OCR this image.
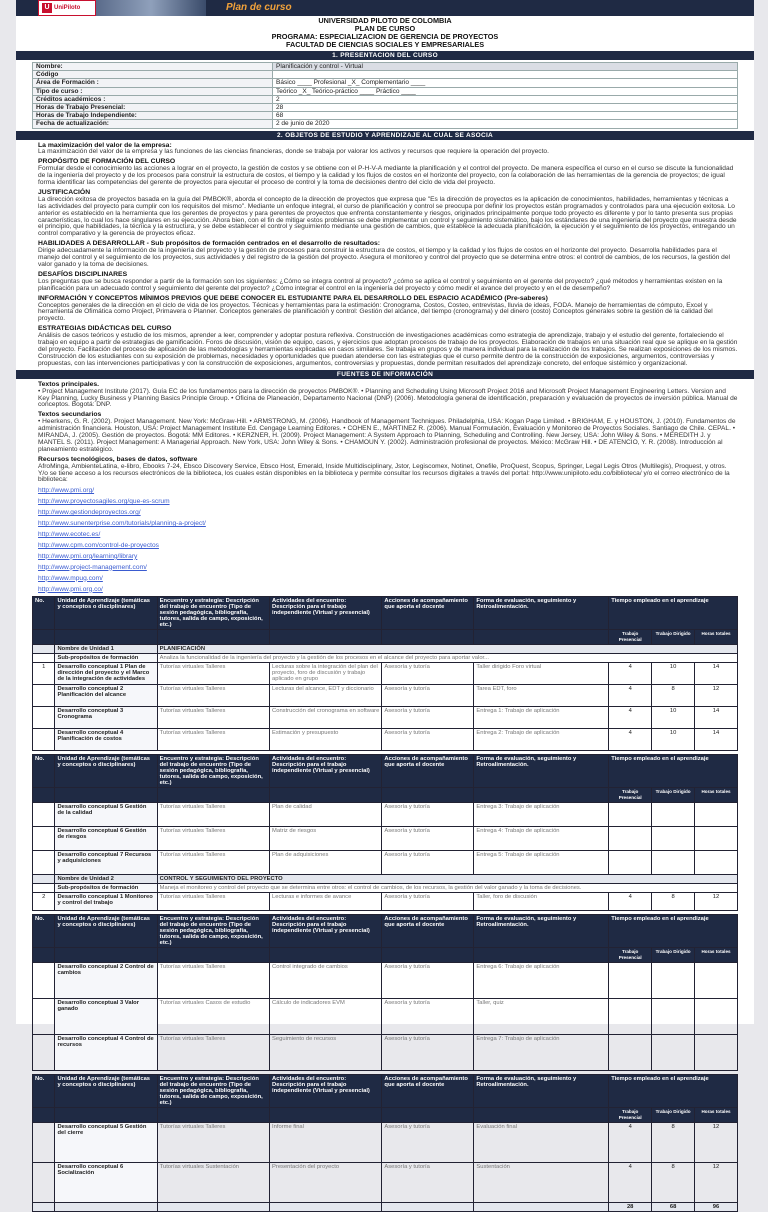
U UniPiloto	Plan de curso
UNIVERSIDAD PILOTO DE COLOMBIA
PLAN DE CURSO
PROGRAMA: ESPECIALIZACION DE GERENCIA DE PROYECTOS
FACULTAD DE CIENCIAS SOCIALES Y EMPRESARIALES
1. PRESENTACION DEL CURSO
Nombre:	Planificación y control - Virtual
Código	
Área de Formación :	Básico ____ Profesional _X_ Complementario ____
Tipo de curso :	Teórico _X_ Teórico-práctico ____ Práctico ____
Créditos académicos :	2
Horas de Trabajo Presencial:	28
Horas de Trabajo Independiente:	68
Fecha de actualización:	2 de junio de 2020
2. OBJETOS DE ESTUDIO Y APRENDIZAJE AL CUAL SE ASOCIA
La maximización del valor de la empresa:

La maximización del valor de la empresa y las funciones de las ciencias financieras, donde se trabaja por valorar los activos y recursos que requiere la operación del proyecto.

PROPÓSITO DE FORMACIÓN DEL CURSO

Formular desde el conocimiento las acciones a lograr en el proyecto, la gestión de costos y se obtiene con el P-H-V-A mediante la planificación y el control del proyecto. De manera específica el curso en el curso se discute la funcionalidad de la ingeniería del proyecto y de los procesos para construir la estructura de costos, el tiempo y la calidad y los flujos de costos en el horizonte del proyecto, con la colaboración de las herramientas de la gerencia de proyectos; de igual forma identificar las competencias del gerente de proyectos para ejecutar el proceso de control y la toma de decisiones dentro del ciclo de vida del proyecto.

JUSTIFICACIÓN

La dirección exitosa de proyectos basada en la guía del PMBOK®, aborda el concepto de la dirección de proyectos que expresa que "Es la dirección de proyectos es la aplicación de conocimientos, habilidades, herramientas y técnicas a las actividades del proyecto para cumplir con los requisitos del mismo". Mediante un enfoque integral, el curso de planificación y control se preocupa por definir los proyectos están programados y controlados para una ejecución exitosa. Lo anterior es establecido en la herramienta que los gerentes de proyectos y para gerentes de proyectos que enfrenta constantemente y riesgos, originados principalmente porque todo proyecto es diferente y por lo tanto presenta sus propias características, lo cual los hace singulares en su ejecución. Ahora bien, con el fin de mitigar estos problemas se debe implementar un control y seguimiento sistemático, bajo los estándares de una ingeniería del proyecto que muestra desde el principio, que habilidades, la técnica y la estructura, y se debe establecer el control y seguimiento mediante una gestión de cambios, que establece la adecuada planificación, la ejecución y el seguimiento de los proyectos, entregando un control comparativo y la gerencia de proyectos eficaz.

HABILIDADES A DESARROLLAR - Sub propósitos de formación centrados en el desarrollo de resultados:

Dirige adecuadamente la información de la ingeniería del proyecto y la gestión de procesos para construir la estructura de costos, el tiempo y la calidad y los flujos de costos en el horizonte del proyecto. Desarrolla habilidades para el manejo del control y el seguimiento de los proyectos, sus actividades y del registro de la gestión del proyecto. Asegura el monitoreo y control del proyecto que se determina entre otros: el control de cambios, de los recursos, la gestión del valor ganado y la toma de decisiones.

DESAFÍOS DISCIPLINARES

Los preguntas que se busca responder a partir de la formación son los siguientes: ¿Cómo se integra control al proyecto? ¿cómo se aplica el control y seguimiento en el gerente del proyecto? ¿qué métodos y herramientas existen en la planificación para un adecuado control y seguimiento del gerente del proyecto? ¿Cómo integrar el control en la ingeniería del proyecto y cómo medir el avance del proyecto y en el de desempeño?

INFORMACIÓN Y CONCEPTOS MÍNIMOS PREVIOS QUE DEBE CONOCER EL ESTUDIANTE PARA EL DESARROLLO DEL ESPACIO ACADÉMICO (Pre-saberes)

Conceptos generales de la dirección en el ciclo de vida de los proyectos. Técnicas y herramientas para la estimación: Cronograma, Costos, Costeo, entrevistas, lluvia de ideas, FODA. Manejo de herramientas de cómputo, Excel y herramienta de Ofimática como Project, Primavera o Planner. Conceptos generales de planificación y control: Gestión del alcance, del tiempo (cronograma) y del dinero (costo) Conceptos generales sobre la gestión de la calidad del proyecto.

ESTRATEGIAS DIDÁCTICAS DEL CURSO

Análisis de casos teóricos y estudio de los mismos, aprender a leer, comprender y adoptar postura reflexiva. Construcción de investigaciones académicas como estrategia de aprendizaje, trabajo y el estudio del gerente, fortaleciendo el trabajo en equipo a partir de estrategias de gamificación. Foros de discusión, visión de equipo, casos, y ejercicios que adoptan procesos de trabajo de los proyectos. Elaboración de trabajos en una situación real que se aplique en la gestión del proyecto. Facilitación del proceso de aplicación de las metodologías y herramientas explicadas en casos similares. Se trabaja en grupos y de manera individual para la realización de los trabajos. Se realizan exposiciones de los mismos. Construcción de los estudiantes con su exposición de problemas, necesidades y oportunidades que puedan atenderse con las estrategias que el curso permite dentro de la construcción de exposiciones, argumentos, controversias y propuestas, con las intervenciones participativas y con la construcción de exposiciones, argumentos, controversias y propuestas, donde permitan resultados del aprendizaje concreto, del enfoque sistémico y organizacional.

FUENTES DE INFORMACIÓN
Textos principales.

• Project Management Institute (2017). Guía EC de los fundamentos para la dirección de proyectos PMBOK®. • Planning and Scheduling Using Microsoft Project 2016 and Microsoft Project Management Engineering Letters. Version and Key Planning, Lucky Business y Planning Basics Principle Group. • Oficina de Planeación, Departamento Nacional (DNP) (2006). Metodología general de identificación, preparación y evaluación de proyectos de inversión pública. Manual de conceptos. Bogotá: DNP.

Textos secundarios

• Heerkens, G. R. (2002). Project Management. New York: McGraw-Hill. • ARMSTRONG, M. (2006). Handbook of Management Techniques. Philadelphia, USA: Kogan Page Limited. • BRIGHAM, E. y HOUSTON, J. (2010). Fundamentos de administración financiera. Houston, USA: Project Management Institute Ed. Cengage Learning Editores. • COHEN E., MARTINEZ R. (2006). Manual Formulación, Evaluación y Monitoreo de Proyectos Sociales. Santiago de Chile. CEPAL. • MIRANDA, J. (2005). Gestión de proyectos. Bogotá: MM Editores. • KERZNER, H. (2009). Project Management: A System Approach to Planning, Scheduling and Controlling. New Jersey, USA: John Wiley & Sons. • MEREDITH J. y MANTEL S. (2011). Project Management: A Managerial Approach. New York, USA: John Wiley & Sons. • CHAMOUN Y. (2002). Administración profesional de proyectos. México: McGraw Hill. • DE ATENCIO, Y. R. (2008). Introducción al planeamiento estratégico.

Recursos tecnológicos, bases de datos, software

AfroMinga, AmbienteLatina, e-libro, Ebooks 7-24, Ebsco Discovery Service, Ebsco Host, Emerald, Inside Multidisciplinary, Jstor, Legiscomex, Notinet, Onefile, ProQuest, Scopus, Springer, Legal Legis Otros (Multilegis), Proquest, y otros. Y/o se tiene acceso a los recursos electrónicos de la biblioteca, los cuales están disponibles en la biblioteca y permite consultar los recursos digitales a través del portal: http://www.unipiloto.edu.co/biblioteca/ y/o el correo electrónico de la biblioteca:

http://www.pmi.org/
http://www.proyectosagiles.org/que-es-scrum
http://www.gestiondeproyectos.org/
http://www.sunenterprise.com/tutorials/planning-a-project/
http://www.ecotec.es/
http://www.cpm.com/control-de-proyectos
http://www.pmi.org/learning/library
http://www.project-management.com/
http://www.mpug.com/
http://www.pmi.org.co/
No.	Unidad de Aprendizaje (temáticas y conceptos o disciplinares)	Encuentro y estrategia: Descripción del trabajo de encuentro (Tipo de sesión pedagógica, bibliografía, tutores, salida de campo, exposición, etc.)	Actividades del encuentro: Descripción para el trabajo independiente (Virtual y presencial)	Acciones de acompañamiento que aporta el docente	Forma de evaluación, seguimiento y Retroalimentación.	Tiempo empleado en el aprendizaje		
						Trabajo Presencial	Trabajo Dirigido	Horas totales
	Nombre de Unidad 1	PLANIFICACIÓN						
	Sub-propósitos de formación	Analiza la funcionalidad de la ingeniería del proyecto y la gestión de los procesos en el alcance del proyecto para aportar valor...						
1	Desarrollo conceptual 1 Plan de dirección del proyecto y el Marco de la integración de actividades	Tutorías virtuales Talleres	Lecturas sobre la integración del plan del proyecto, foro de discusión y trabajo aplicado en grupo	Asesoría y tutoría	Taller dirigido Foro virtual	4	10	14
	Desarrollo conceptual 2 Planificación del alcance	Tutorías virtuales Talleres	Lecturas del alcance, EDT y diccionario	Asesoría y tutoría	Tarea EDT, foro	4	8	12
	Desarrollo conceptual 3 Cronograma	Tutorías virtuales Talleres	Construcción del cronograma en software	Asesoría y tutoría	Entrega 1: Trabajo de aplicación	4	10	14
	Desarrollo conceptual 4 Planificación de costos	Tutorías virtuales Talleres	Estimación y presupuesto	Asesoría y tutoría	Entrega 2: Trabajo de aplicación	4	10	14
No.	Unidad de Aprendizaje (temáticas y conceptos o disciplinares)	Encuentro y estrategia: Descripción del trabajo de encuentro (Tipo de sesión pedagógica, bibliografía, tutores, salida de campo, exposición, etc.)	Actividades del encuentro: Descripción para el trabajo independiente (Virtual y presencial)	Acciones de acompañamiento que aporta el docente	Forma de evaluación, seguimiento y Retroalimentación.	Tiempo empleado en el aprendizaje		
						Trabajo Presencial	Trabajo Dirigido	Horas totales
	Desarrollo conceptual 5 Gestión de la calidad	Tutorías virtuales Talleres	Plan de calidad	Asesoría y tutoría	Entrega 3: Trabajo de aplicación			
	Desarrollo conceptual 6 Gestión de riesgos	Tutorías virtuales Talleres	Matriz de riesgos	Asesoría y tutoría	Entrega 4: Trabajo de aplicación			
	Desarrollo conceptual 7 Recursos y adquisiciones	Tutorías virtuales Talleres	Plan de adquisiciones	Asesoría y tutoría	Entrega 5: Trabajo de aplicación			
	Nombre de Unidad 2	CONTROL Y SEGUIMIENTO DEL PROYECTO						
	Sub-propósitos de formación	Maneja el monitoreo y control del proyecto que se determina entre otros: el control de cambios, de los recursos, la gestión del valor ganado y la toma de decisiones.						
2	Desarrollo conceptual 1 Monitoreo y control del trabajo	Tutorías virtuales Talleres	Lecturas e informes de avance	Asesoría y tutoría	Taller, foro de discusión	4	8	12
No.	Unidad de Aprendizaje (temáticas y conceptos o disciplinares)	Encuentro y estrategia: Descripción del trabajo de encuentro (Tipo de sesión pedagógica, bibliografía, tutores, salida de campo, exposición, etc.)	Actividades del encuentro: Descripción para el trabajo independiente (Virtual y presencial)	Acciones de acompañamiento que aporta el docente	Forma de evaluación, seguimiento y Retroalimentación.	Tiempo empleado en el aprendizaje		
						Trabajo Presencial	Trabajo Dirigido	Horas totales
	Desarrollo conceptual 2 Control de cambios	Tutorías virtuales Talleres	Control integrado de cambios	Asesoría y tutoría	Entrega 6: Trabajo de aplicación			
	Desarrollo conceptual 3 Valor ganado	Tutorías virtuales Casos de estudio	Cálculo de indicadores EVM	Asesoría y tutoría	Taller, quiz			
	Desarrollo conceptual 4 Control de recursos	Tutorías virtuales Talleres	Seguimiento de recursos	Asesoría y tutoría	Entrega 7: Trabajo de aplicación			
No.	Unidad de Aprendizaje (temáticas y conceptos o disciplinares)	Encuentro y estrategia: Descripción del trabajo de encuentro (Tipo de sesión pedagógica, bibliografía, tutores, salida de campo, exposición, etc.)	Actividades del encuentro: Descripción para el trabajo independiente (Virtual y presencial)	Acciones de acompañamiento que aporta el docente	Forma de evaluación, seguimiento y Retroalimentación.	Tiempo empleado en el aprendizaje		
						Trabajo Presencial	Trabajo Dirigido	Horas totales
	Desarrollo conceptual 5 Gestión del cierre	Tutorías virtuales Talleres	Informe final	Asesoría y tutoría	Evaluación final	4	8	12
	Desarrollo conceptual 6 Socialización	Tutorías virtuales Sustentación	Presentación del proyecto	Asesoría y tutoría	Sustentación	4	8	12
						28	68	96
